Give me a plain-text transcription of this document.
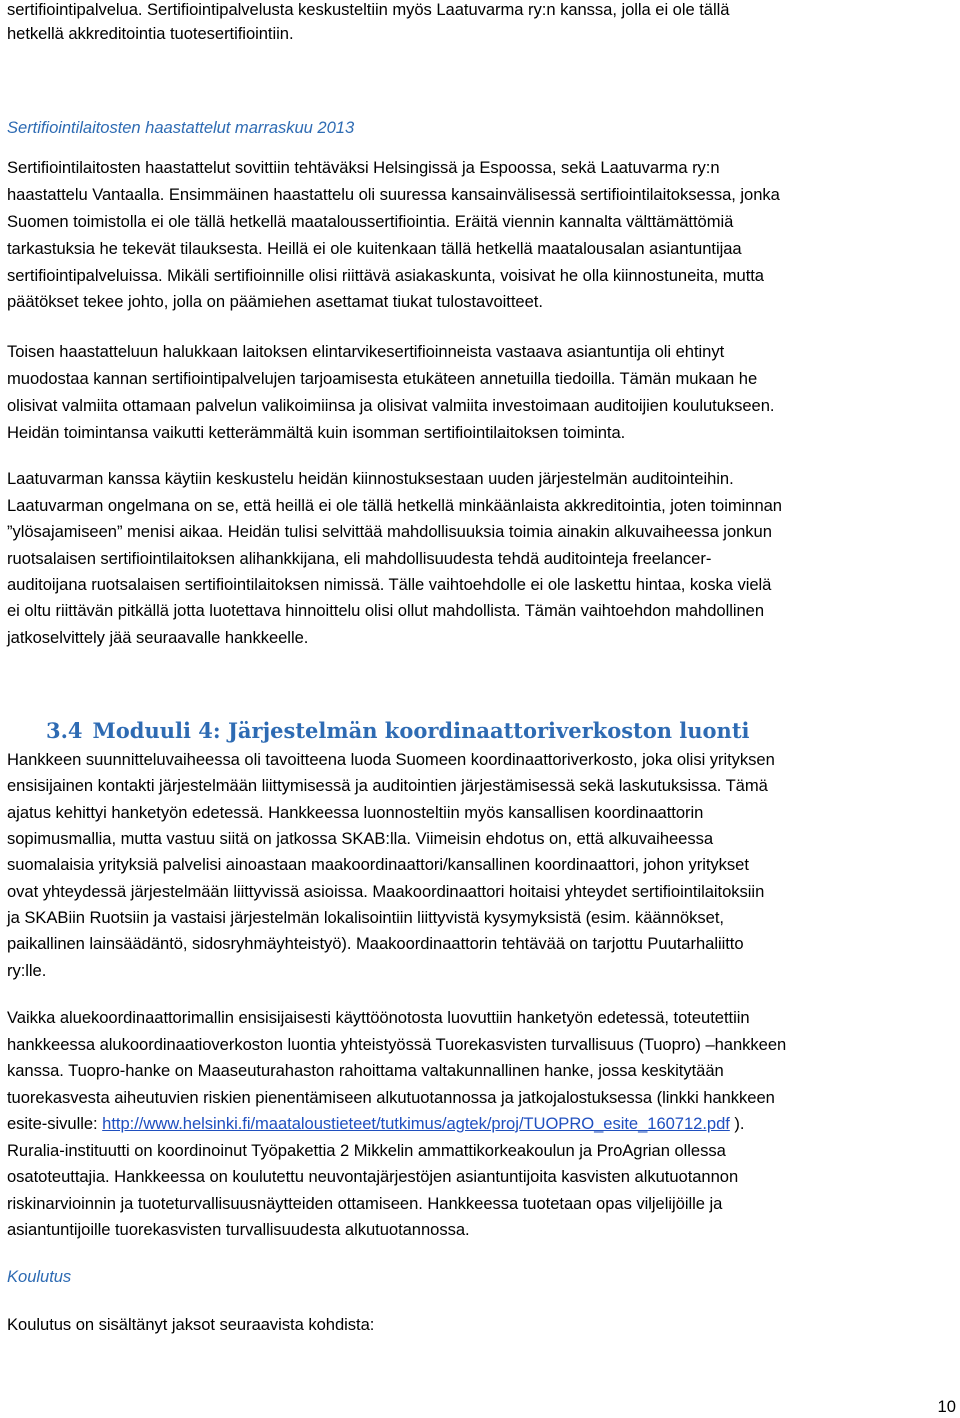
sertifiointipalvelua. Sertifiointipalvelusta keskusteltiin myös Laatuvarma ry:n kanssa, jolla ei ole tällä
hetkellä akkreditointia tuotesertifiointiin.
Sertifiointilaitosten haastattelut marraskuu 2013
Sertifiointilaitosten haastattelut sovittiin tehtäväksi Helsingissä ja Espoossa, sekä Laatuvarma ry:n
haastattelu Vantaalla. Ensimmäinen haastattelu oli suuressa kansainvälisessä sertifiointilaitoksessa, jonka
Suomen toimistolla ei ole tällä hetkellä maataloussertifiointia. Eräitä viennin kannalta välttämättömiä
tarkastuksia he tekevät tilauksesta. Heillä ei ole kuitenkaan tällä hetkellä maatalousalan asiantuntijaa
sertifiointipalveluissa. Mikäli sertifioinnille olisi riittävä asiakaskunta, voisivat he olla kiinnostuneita, mutta
päätökset tekee johto, jolla on päämiehen asettamat tiukat tulostavoitteet.
Toisen haastatteluun halukkaan laitoksen elintarvikesertifioinneista vastaava asiantuntija oli ehtinyt
muodostaa kannan sertifiointipalvelujen tarjoamisesta etukäteen annetuilla tiedoilla. Tämän mukaan he
olisivat valmiita ottamaan palvelun valikoimiinsa ja olisivat valmiita investoimaan auditoijien koulutukseen.
Heidän toimintansa vaikutti ketterämmältä kuin isomman sertifiointilaitoksen toiminta.
Laatuvarman kanssa käytiin keskustelu heidän kiinnostuksestaan uuden järjestelmän auditointeihin.
Laatuvarman ongelmana on se, että heillä ei ole tällä hetkellä minkäänlaista akkreditointia, joten toiminnan
”ylösajamiseen” menisi aikaa. Heidän tulisi selvittää mahdollisuuksia toimia ainakin alkuvaiheessa jonkun
ruotsalaisen sertifiointilaitoksen alihankkijana, eli mahdollisuudesta tehdä auditointeja freelancer-
auditoijana ruotsalaisen sertifiointilaitoksen nimissä. Tälle vaihtoehdolle ei ole laskettu hintaa, koska vielä
ei oltu riittävän pitkällä jotta luotettava hinnoittelu olisi ollut mahdollista. Tämän vaihtoehdon mahdollinen
jatkoselvittely jää seuraavalle hankkeelle.
3.4 Moduuli 4: Järjestelmän koordinaattoriverkoston luonti
Hankkeen suunnitteluvaiheessa oli tavoitteena luoda Suomeen koordinaattoriverkosto, joka olisi yrityksen
ensisijainen kontakti järjestelmään liittymisessä ja auditointien järjestämisessä sekä laskutuksissa. Tämä
ajatus kehittyi hanketyön edetessä. Hankkeessa luonnosteltiin myös kansallisen koordinaattorin
sopimusmallia, mutta vastuu siitä on jatkossa SKAB:lla. Viimeisin ehdotus on, että alkuvaiheessa
suomalaisia yrityksiä palvelisi ainoastaan maakoordinaattori/kansallinen koordinaattori, johon yritykset
ovat yhteydessä järjestelmään liittyvissä asioissa. Maakoordinaattori hoitaisi yhteydet sertifiointilaitoksiin
ja SKABiin Ruotsiin ja vastaisi järjestelmän lokalisointiin liittyvistä kysymyksistä (esim. käännökset,
paikallinen lainsäädäntö, sidosryhmäyhteistyö). Maakoordinaattorin tehtävää on tarjottu Puutarhaliitto
ry:lle.
Vaikka aluekoordinaattorimallin ensisijaisesti käyttöönotosta luovuttiin hanketyön edetessä, toteutettiin
hankkeessa alukoordinaatioverkoston luontia yhteistyössä Tuorekasvisten turvallisuus (Tuopro) –hankkeen
kanssa. Tuopro-hanke on Maaseuturahaston rahoittama valtakunnallinen hanke, jossa keskitytään
tuorekasvesta aiheutuvien riskien pienentämiseen alkutuotannossa ja jatkojalostuksessa (linkki hankkeen
esite-sivulle: http://www.helsinki.fi/maataloustieteet/tutkimus/agtek/proj/TUOPRO_esite_160712.pdf ).
Ruralia-instituutti on koordinoinut Työpakettia 2 Mikkelin ammattikorkeakoulun ja ProAgrian ollessa
osatoteuttajia. Hankkeessa on koulutettu neuvontajärjestöjen asiantuntijoita kasvisten alkutuotannon
riskinarvioinnin ja tuoteturvallisuusnäytteiden ottamiseen. Hankkeessa tuotetaan opas viljelijöille ja
asiantuntijoille tuorekasvisten turvallisuudesta alkutuotannossa.
Koulutus
Koulutus on sisältänyt jaksot seuraavista kohdista:
10
